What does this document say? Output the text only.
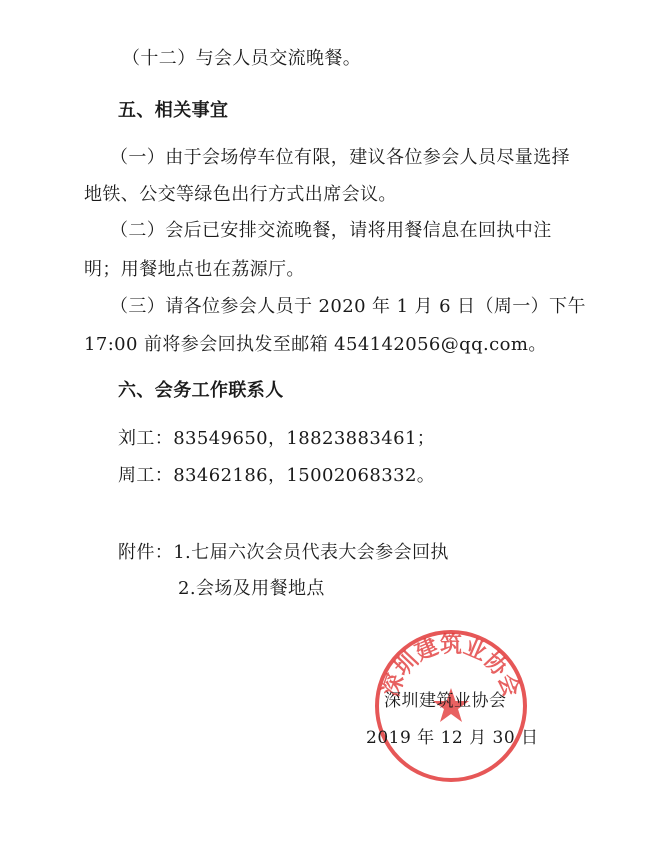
（十二）与会人员交流晚餐。
五、相关事宜
（一）由于会场停车位有限，建议各位参会人员尽量选择
地铁、公交等绿色出行方式出席会议。
（二）会后已安排交流晚餐，请将用餐信息在回执中注
明；用餐地点也在荔源厅。
（三）请各位参会人员于 2020 年 1 月 6 日（周一）下午
17:00 前将参会回执发至邮箱 454142056@qq.com。
六、会务工作联系人
刘工：83549650，18823883461；
周工：83462186，15002068332。
附件：1.七届六次会员代表大会参会回执
2.会场及用餐地点
深圳建筑业协会
深圳建筑业协会
2019 年 12 月 30 日
